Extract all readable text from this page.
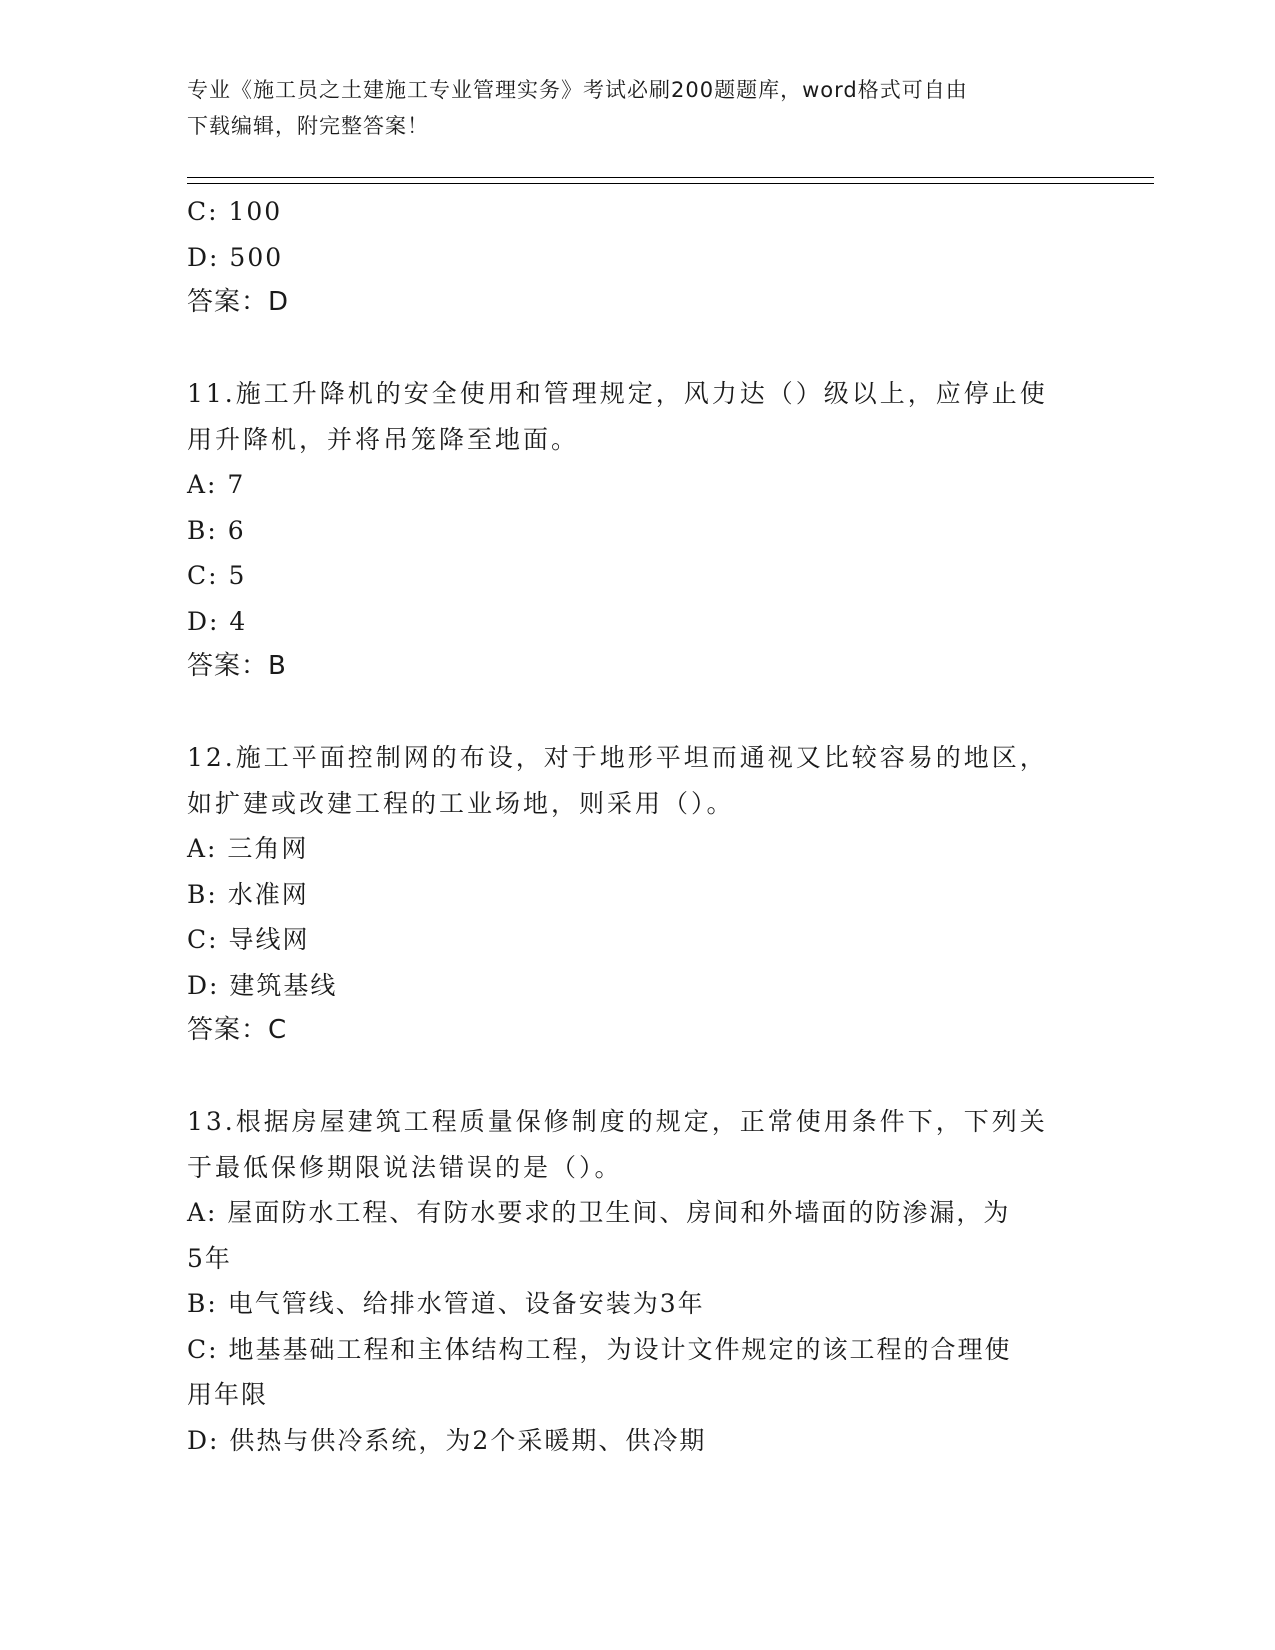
专业《施工员之土建施工专业管理实务》考试必刷200题题库，word格式可自由
下载编辑，附完整答案！
C: 100
D: 500
答案：D
11.施工升降机的安全使用和管理规定，风力达（）级以上，应停止使
用升降机，并将吊笼降至地面。
A: 7
B: 6
C: 5
D: 4
答案：B
12.施工平面控制网的布设，对于地形平坦而通视又比较容易的地区，
如扩建或改建工程的工业场地，则采用（）。
A: 三角网
B: 水准网
C: 导线网
D: 建筑基线
答案：C
13.根据房屋建筑工程质量保修制度的规定，正常使用条件下，下列关
于最低保修期限说法错误的是（）。
A: 屋面防水工程、有防水要求的卫生间、房间和外墙面的防渗漏，为
5年
B: 电气管线、给排水管道、设备安装为3年
C: 地基基础工程和主体结构工程，为设计文件规定的该工程的合理使
用年限
D: 供热与供冷系统，为2个采暖期、供冷期
